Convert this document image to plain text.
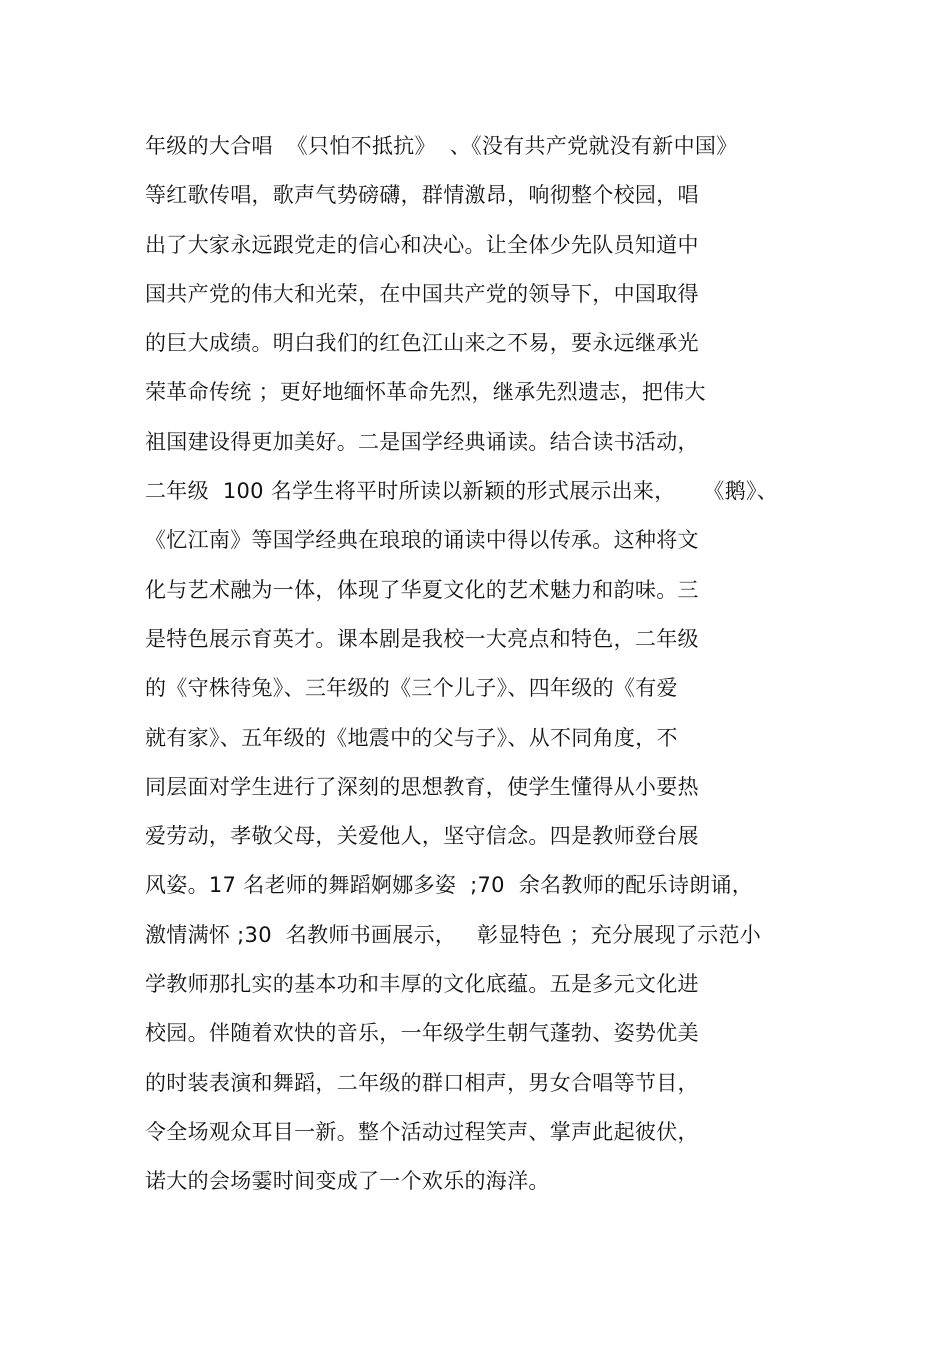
年级的大合唱  《只怕不抵抗》  、《没有共产党就没有新中国》
等红歌传唱，歌声气势磅礴，群情激昂，响彻整个校园，唱
出了大家永远跟党走的信心和决心。让全体少先队员知道中
国共产党的伟大和光荣，在中国共产党的领导下，中国取得
的巨大成绩。明白我们的红色江山来之不易，要永远继承光
荣革命传统 ；更好地缅怀革命先烈，继承先烈遗志，把伟大
祖国建设得更加美好。二是国学经典诵读。结合读书活动，
二年级  100 名学生将平时所读以新颖的形式展示出来，    《鹅》、
《忆江南》等国学经典在琅琅的诵读中得以传承。这种将文
化与艺术融为一体，体现了华夏文化的艺术魅力和韵味。三
是特色展示育英才。课本剧是我校一大亮点和特色，二年级
的《守株待兔》、三年级的《三个儿子》、四年级的《有爱
就有家》、五年级的《地震中的父与子》、从不同角度，不
同层面对学生进行了深刻的思想教育，使学生懂得从小要热
爱劳动，孝敬父母，关爱他人，坚守信念。四是教师登台展
风姿。17 名老师的舞蹈婀娜多姿  ;70  余名教师的配乐诗朗诵，
激情满怀 ;30  名教师书画展示，   彰显特色 ；充分展现了示范小
学教师那扎实的基本功和丰厚的文化底蕴。五是多元文化进
校园。伴随着欢快的音乐，一年级学生朝气蓬勃、姿势优美
的时装表演和舞蹈，二年级的群口相声，男女合唱等节目，
令全场观众耳目一新。整个活动过程笑声、掌声此起彼伏，
诺大的会场霎时间变成了一个欢乐的海洋。
